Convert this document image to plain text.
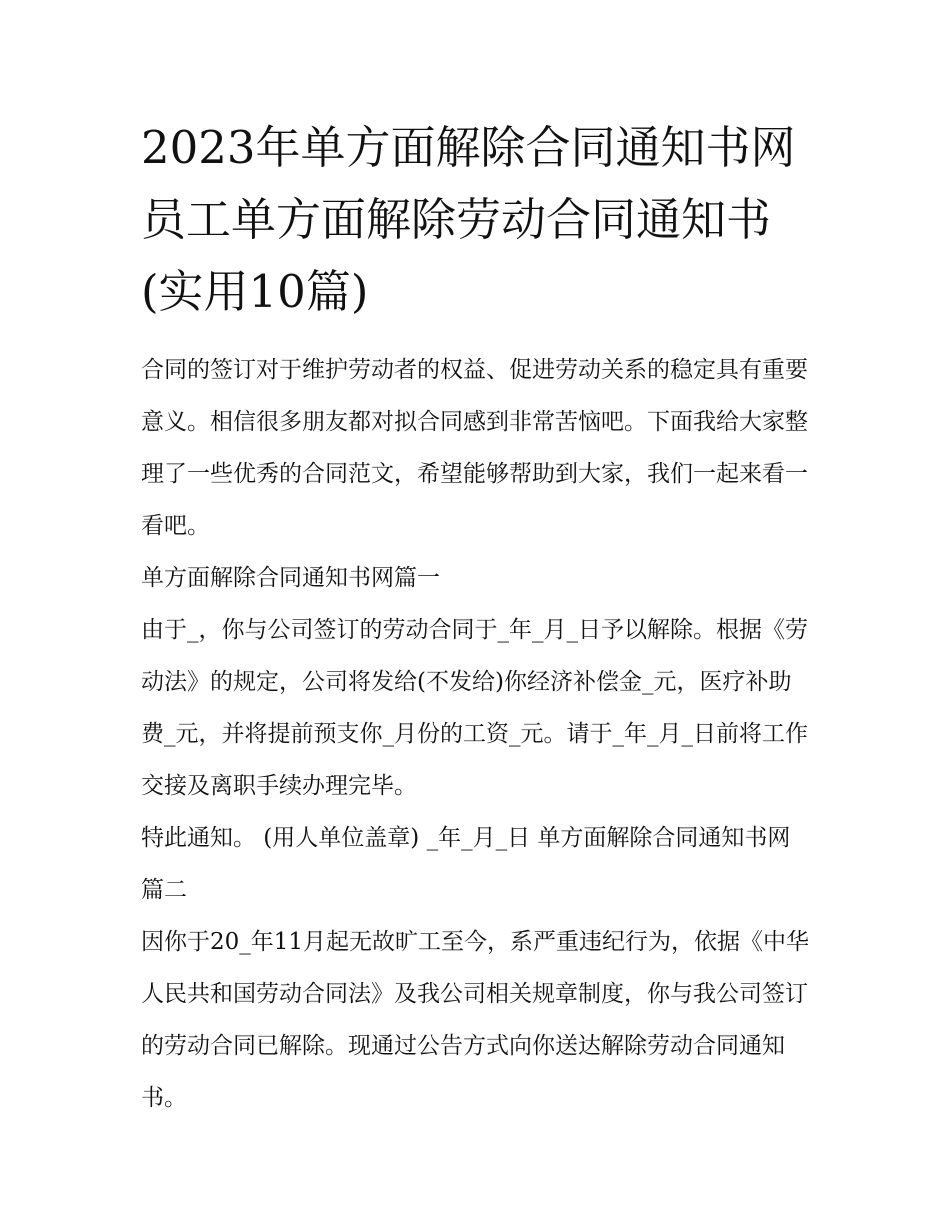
2023年单方面解除合同通知书网 员工单方面解除劳动合同通知书(实用10篇)

合同的签订对于维护劳动者的权益、促进劳动关系的稳定具有重要意义。相信很多朋友都对拟合同感到非常苦恼吧。下面我给大家整理了一些优秀的合同范文，希望能够帮助到大家，我们一起来看一看吧。

单方面解除合同通知书网篇一

由于_，你与公司签订的劳动合同于_年_月_日予以解除。根据《劳动法》的规定，公司将发给(不发给)你经济补偿金_元，医疗补助费_元，并将提前预支你_月份的工资_元。请于_年_月_日前将工作交接及离职手续办理完毕。

特此通知。 (用人单位盖章) _年_月_日 单方面解除合同通知书网篇二

因你于20_年11月起无故旷工至今，系严重违纪行为，依据《中华人民共和国劳动合同法》及我公司相关规章制度，你与我公司签订的劳动合同已解除。现通过公告方式向你送达解除劳动合同通知书。
